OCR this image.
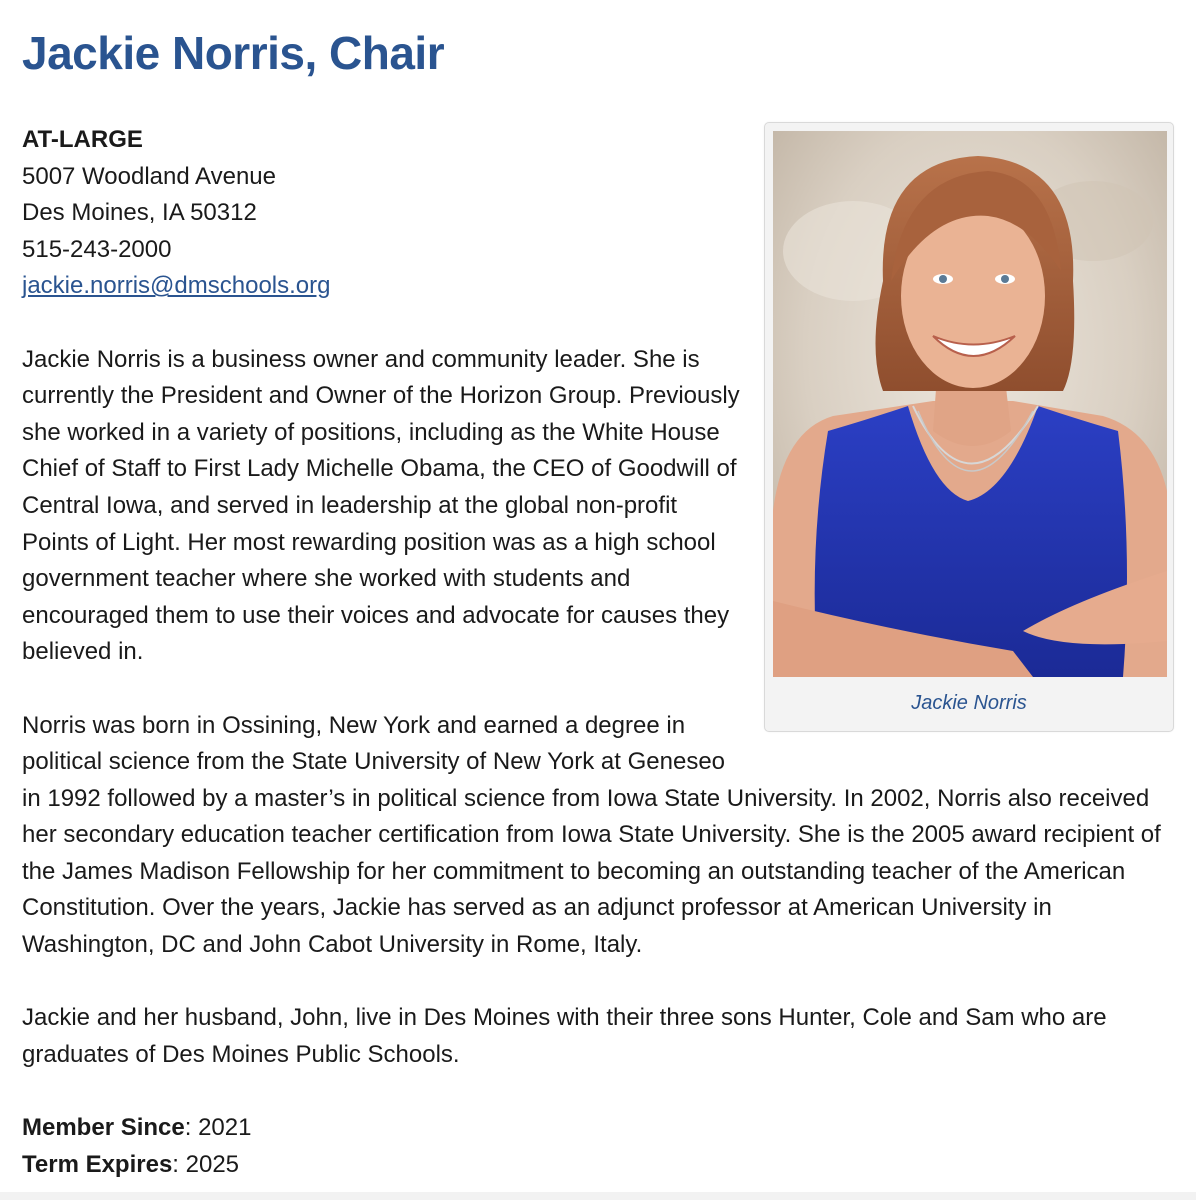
Jackie Norris, Chair
Jackie Norris
AT-LARGE
5007 Woodland Avenue
Des Moines, IA 50312
515-243-2000
jackie.norris@dmschools.org

Jackie Norris is a business owner and community leader. She is currently the President and Owner of the Horizon Group. Previously she worked in a variety of positions, including as the White House Chief of Staff to First Lady Michelle Obama, the CEO of Goodwill of Central Iowa, and served in leadership at the global non-profit Points of Light. Her most rewarding position was as a high school government teacher where she worked with students and encouraged them to use their voices and advocate for causes they believed in.

Norris was born in Ossining, New York and earned a degree in political science from the State University of New York at Geneseo in 1992 followed by a master’s in political science from Iowa State University. In 2002, Norris also received her secondary education teacher certification from Iowa State University. She is the 2005 award recipient of the James Madison Fellowship for her commitment to becoming an outstanding teacher of the American Constitution. Over the years, Jackie has served as an adjunct professor at American University in Washington, DC and John Cabot University in Rome, Italy.

Jackie and her husband, John, live in Des Moines with their three sons Hunter, Cole and Sam who are graduates of Des Moines Public Schools.

Member Since: 2021
Term Expires: 2025
